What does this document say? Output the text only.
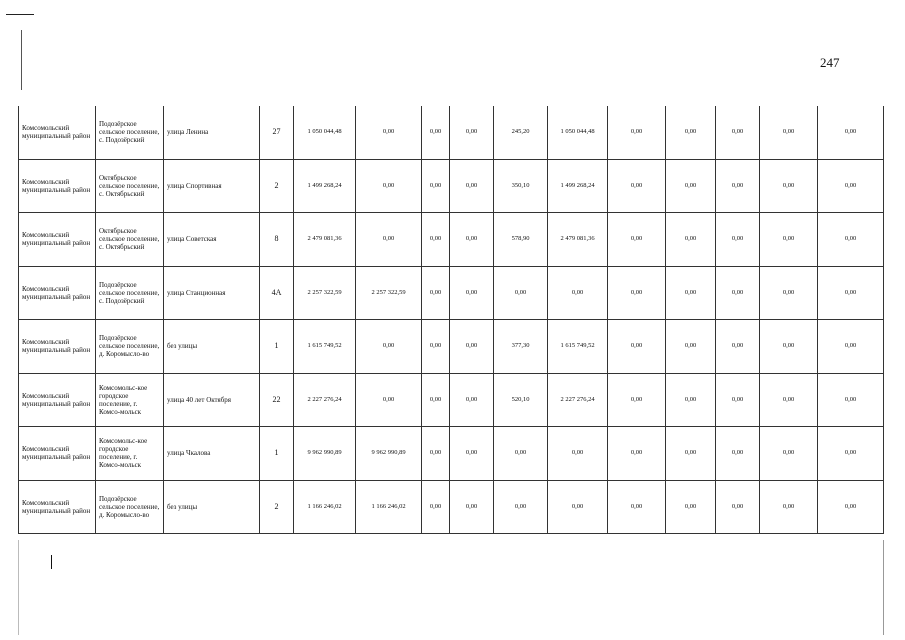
247
Комсомольский муниципальный район	Подозёрское сельское поселение, с. Подозёрский	улица Ленина	27	1 050 044,48	0,00	0,00	0,00	245,20	1 050 044,48	0,00	0,00	0,00	0,00	0,00
Комсомольский муниципальный район	Октябрьское сельское поселение, с. Октябрьский	улица Спортивная	2	1 499 268,24	0,00	0,00	0,00	350,10	1 499 268,24	0,00	0,00	0,00	0,00	0,00
Комсомольский муниципальный район	Октябрьское сельское поселение, с. Октябрьский	улица Советская	8	2 479 081,36	0,00	0,00	0,00	578,90	2 479 081,36	0,00	0,00	0,00	0,00	0,00
Комсомольский муниципальный район	Подозёрское сельское поселение, с. Подозёрский	улица Станционная	4А	2 257 322,59	2 257 322,59	0,00	0,00	0,00	0,00	0,00	0,00	0,00	0,00	0,00
Комсомольский муниципальный район	Подозёрское сельское поселение, д. Коромысло-во	без улицы	1	1 615 749,52	0,00	0,00	0,00	377,30	1 615 749,52	0,00	0,00	0,00	0,00	0,00
Комсомольский муниципальный район	Комсомольс-кое городское поселение, г. Комсо-мольск	улица 40 лет Октября	22	2 227 276,24	0,00	0,00	0,00	520,10	2 227 276,24	0,00	0,00	0,00	0,00	0,00
Комсомольский муниципальный район	Комсомольс-кое городское поселение, г. Комсо-мольск	улица Чкалова	1	9 962 990,89	9 962 990,89	0,00	0,00	0,00	0,00	0,00	0,00	0,00	0,00	0,00
Комсомольский муниципальный район	Подозёрское сельское поселение, д. Коромысло-во	без улицы	2	1 166 246,02	1 166 246,02	0,00	0,00	0,00	0,00	0,00	0,00	0,00	0,00	0,00
